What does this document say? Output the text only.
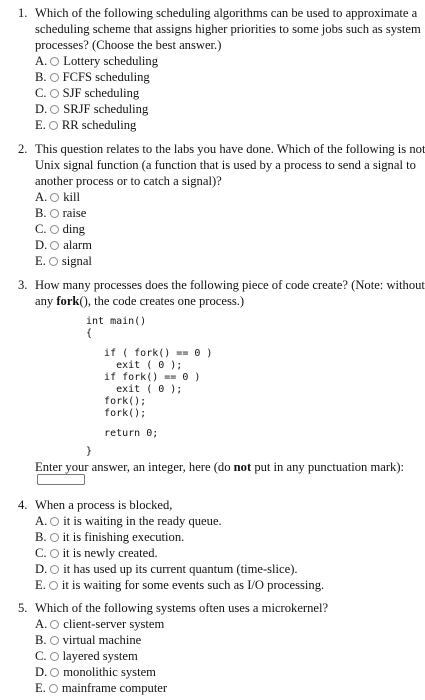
1. Which of the following scheduling algorithms can be used to approximate a
scheduling scheme that assigns higher priorities to some jobs such as system
processes? (Choose the best answer.)
A. Lottery scheduling
B. FCFS scheduling
C. SJF scheduling
D. SRJF scheduling
E. RR scheduling
2. This question relates to the labs you have done. Which of the following is not
Unix signal function (a function that is used by a process to send a signal to
another process or to catch a signal)?
A. kill
B. raise
C. ding
D. alarm
E. signal
3. How many processes does the following piece of code create? (Note: without
any fork(), the code creates one process.)
int main()
{
if ( fork() == 0 )
exit ( 0 );
if fork() == 0 )
exit ( 0 );
fork();
fork();
return 0;
}
Enter your answer, an integer, here (do not put in any punctuation mark):
4. When a process is blocked,
A. it is waiting in the ready queue.
B. it is finishing execution.
C. it is newly created.
D. it has used up its current quantum (time-slice).
E. it is waiting for some events such as I/O processing.
5. Which of the following systems often uses a microkernel?
A. client-server system
B. virtual machine
C. layered system
D. monolithic system
E. mainframe computer
